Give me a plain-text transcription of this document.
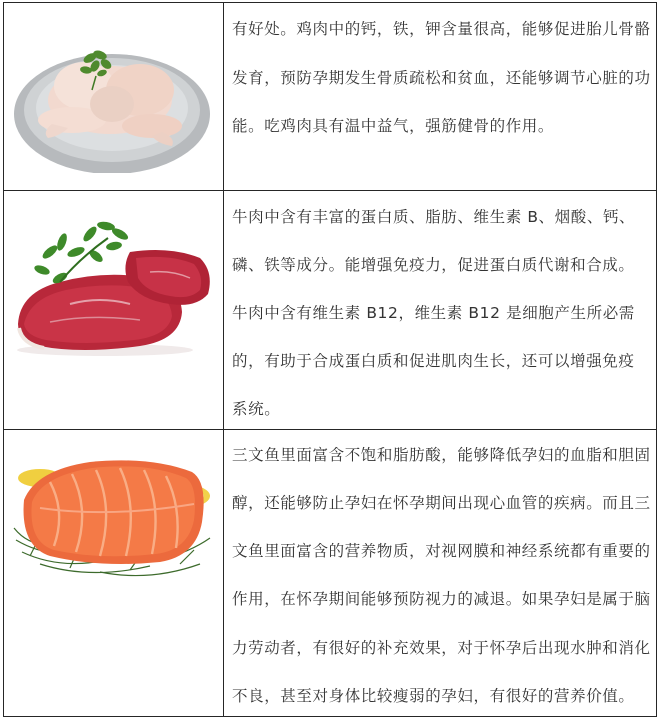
有好处。鸡肉中的钙，铁，钾含量很高，能够促进胎儿骨骼
发育，预防孕期发生骨质疏松和贫血，还能够调节心脏的功
能。吃鸡肉具有温中益气，强筋健骨的作用。
牛肉中含有丰富的蛋白质、脂肪、维生素 B、烟酸、钙、
磷、铁等成分。能增强免疫力，促进蛋白质代谢和合成。
牛肉中含有维生素 B12，维生素 B12 是细胞产生所必需
的，有助于合成蛋白质和促进肌肉生长，还可以增强免疫
系统。
三文鱼里面富含不饱和脂肪酸，能够降低孕妇的血脂和胆固
醇，还能够防止孕妇在怀孕期间出现心血管的疾病。而且三
文鱼里面富含的营养物质，对视网膜和神经系统都有重要的
作用，在怀孕期间能够预防视力的减退。如果孕妇是属于脑
力劳动者，有很好的补充效果，对于怀孕后出现水肿和消化
不良，甚至对身体比较瘦弱的孕妇，有很好的营养价值。
